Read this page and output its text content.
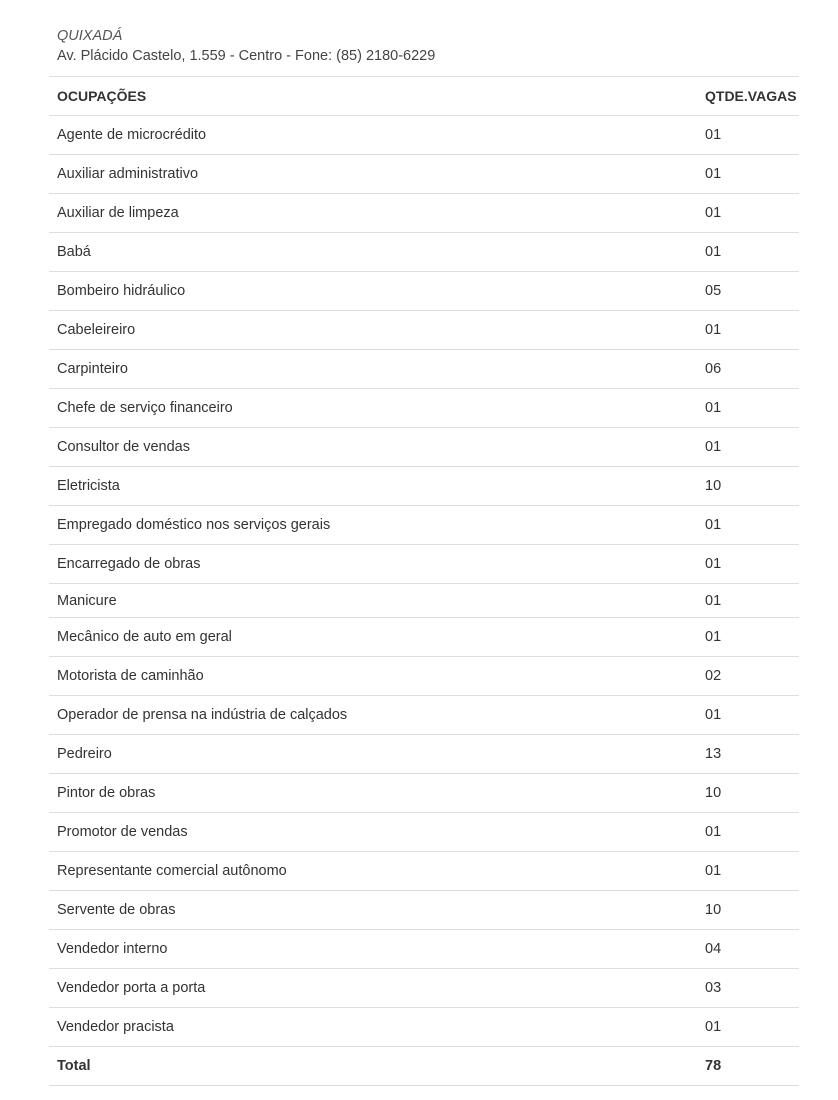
QUIXADÁ

Av. Plácido Castelo, 1.559 - Centro - Fone: (85) 2180-6229

OCUPAÇÕES	QTDE.VAGAS
Agente de microcrédito	01
Auxiliar administrativo	01
Auxiliar de limpeza	01
Babá	01
Bombeiro hidráulico	05
Cabeleireiro	01
Carpinteiro	06
Chefe de serviço financeiro	01
Consultor de vendas	01
Eletricista	10
Empregado doméstico nos serviços gerais	01
Encarregado de obras	01
Manicure	01
Mecânico de auto em geral	01
Motorista de caminhão	02
Operador de prensa na indústria de calçados	01
Pedreiro	13
Pintor de obras	10
Promotor de vendas	01
Representante comercial autônomo	01
Servente de obras	10
Vendedor interno	04
Vendedor porta a porta	03
Vendedor pracista	01
Total	78
